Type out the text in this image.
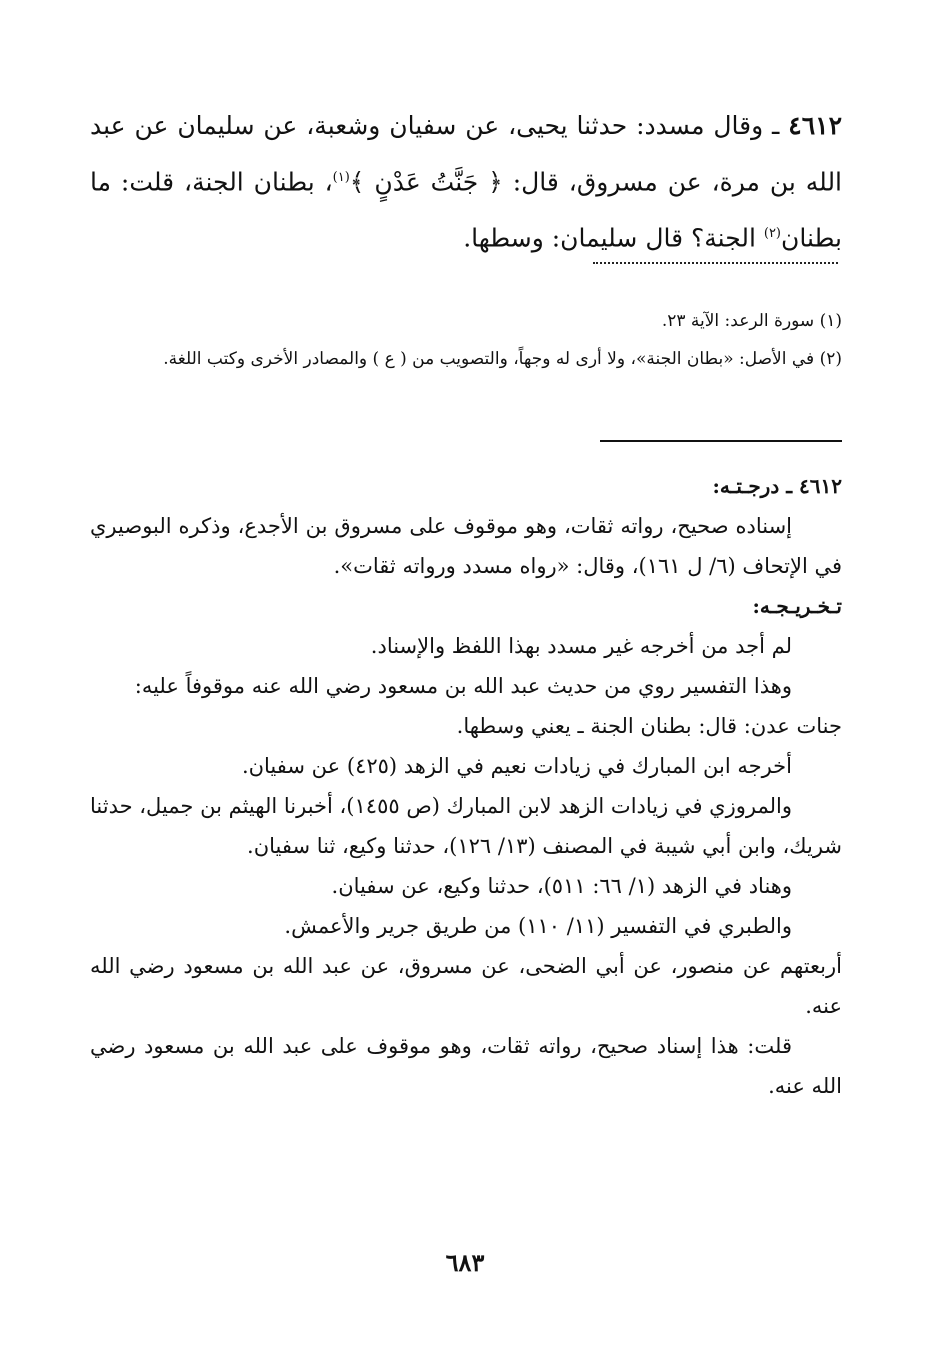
٤٦١٢ ـ وقال مسدد: حدثنا يحيى، عن سفيان وشعبة، عن سليمان عن عبد الله بن مرة، عن مسروق، قال: ﴿ جَنَّتُ عَدْنٍ ﴾$^{(١)}$، بطنان الجنة، قلت: ما بطنان$^{(٢)}$ الجنة؟ قال سليمان: وسطها.
(١) سورة الرعد: الآية ٢٣.
(٢) في الأصل: «بطان الجنة»، ولا أرى له وجهاً، والتصويب من ( ع ) والمصادر الأخرى وكتب اللغة.
٤٦١٢ ـ درجـتـه:
إسناده صحيح، رواته ثقات، وهو موقوف على مسروق بن الأجدع، وذكره البوصيري في الإتحاف (٦/ ل ١٦١)، وقال: «رواه مسدد ورواته ثقات».
تـخـريـجـه:
لم أجد من أخرجه غير مسدد بهذا اللفظ والإسناد.
وهذا التفسير روي من حديث عبد الله بن مسعود رضي الله عنه موقوفاً عليه:
جنات عدن: قال: بطنان الجنة ـ يعني وسطها.
أخرجه ابن المبارك في زيادات نعيم في الزهد (٤٢٥) عن سفيان.
والمروزي في زيادات الزهد لابن المبارك (ص ١٤٥٥)، أخبرنا الهيثم بن جميل، حدثنا شريك، وابن أبي شيبة في المصنف (١٣/ ١٢٦)، حدثنا وكيع، ثنا سفيان.
وهناد في الزهد (١/ ٦٦: ٥١١)، حدثنا وكيع، عن سفيان.
والطبري في التفسير (١١/ ١١٠) من طريق جرير والأعمش.
أربعتهم عن منصور، عن أبي الضحى، عن مسروق، عن عبد الله بن مسعود رضي الله عنه.
قلت: هذا إسناد صحيح، رواته ثقات، وهو موقوف على عبد الله بن مسعود رضي الله عنه.
٦٨٣
